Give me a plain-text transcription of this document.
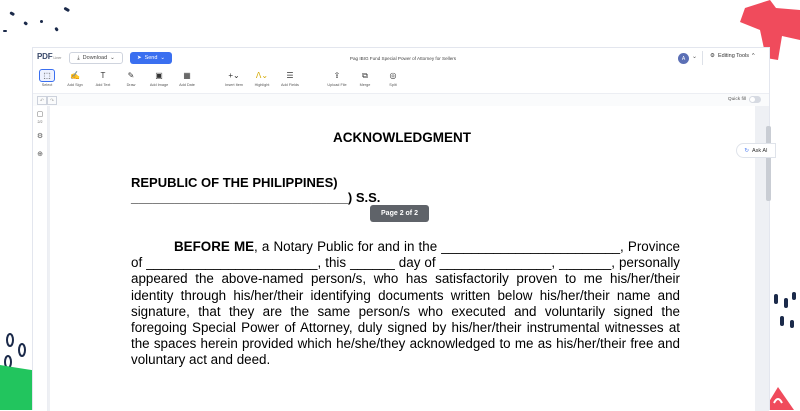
PDFLiner	⤓ Download ⌄	➤ Send ⌄	Pag IBIG Fund Special Power of Attorney for Sellers	A	⌄ ⚙ Editing Tools ^
⬚
Select
✍
Add Sign
T
Add Text
✎
Draw
▣
Add Image
▦
Add Date
+⌄
Insert Item
ᐱ⌄
Highlight
☰
Add Fields
⇪
Upload File
⧉
Merge
◎
Split
↶	↷	Quick fill
▢
2/2
⚙
⊕
ACKNOWLEDGMENT
REPUBLIC OF THE PHILIPPINES)
______________________________) S.S.
BEFORE ME, a Notary Public for and in the ________________________, Province of _______________________, this ______ day of _______________, _______, personally appeared the above-named person/s, who has satisfactorily proven to me his/her/their identity through his/her/their identifying documents written below his/her/their name and signature, that they are the same person/s who executed and voluntarily signed the foregoing Special Power of Attorney, duly signed by his/her/their instrumental witnesses at the spaces herein provided which he/she/they acknowledged to me as his/her/their free and voluntary act and deed.
Page 2 of 2
↻ Ask AI
